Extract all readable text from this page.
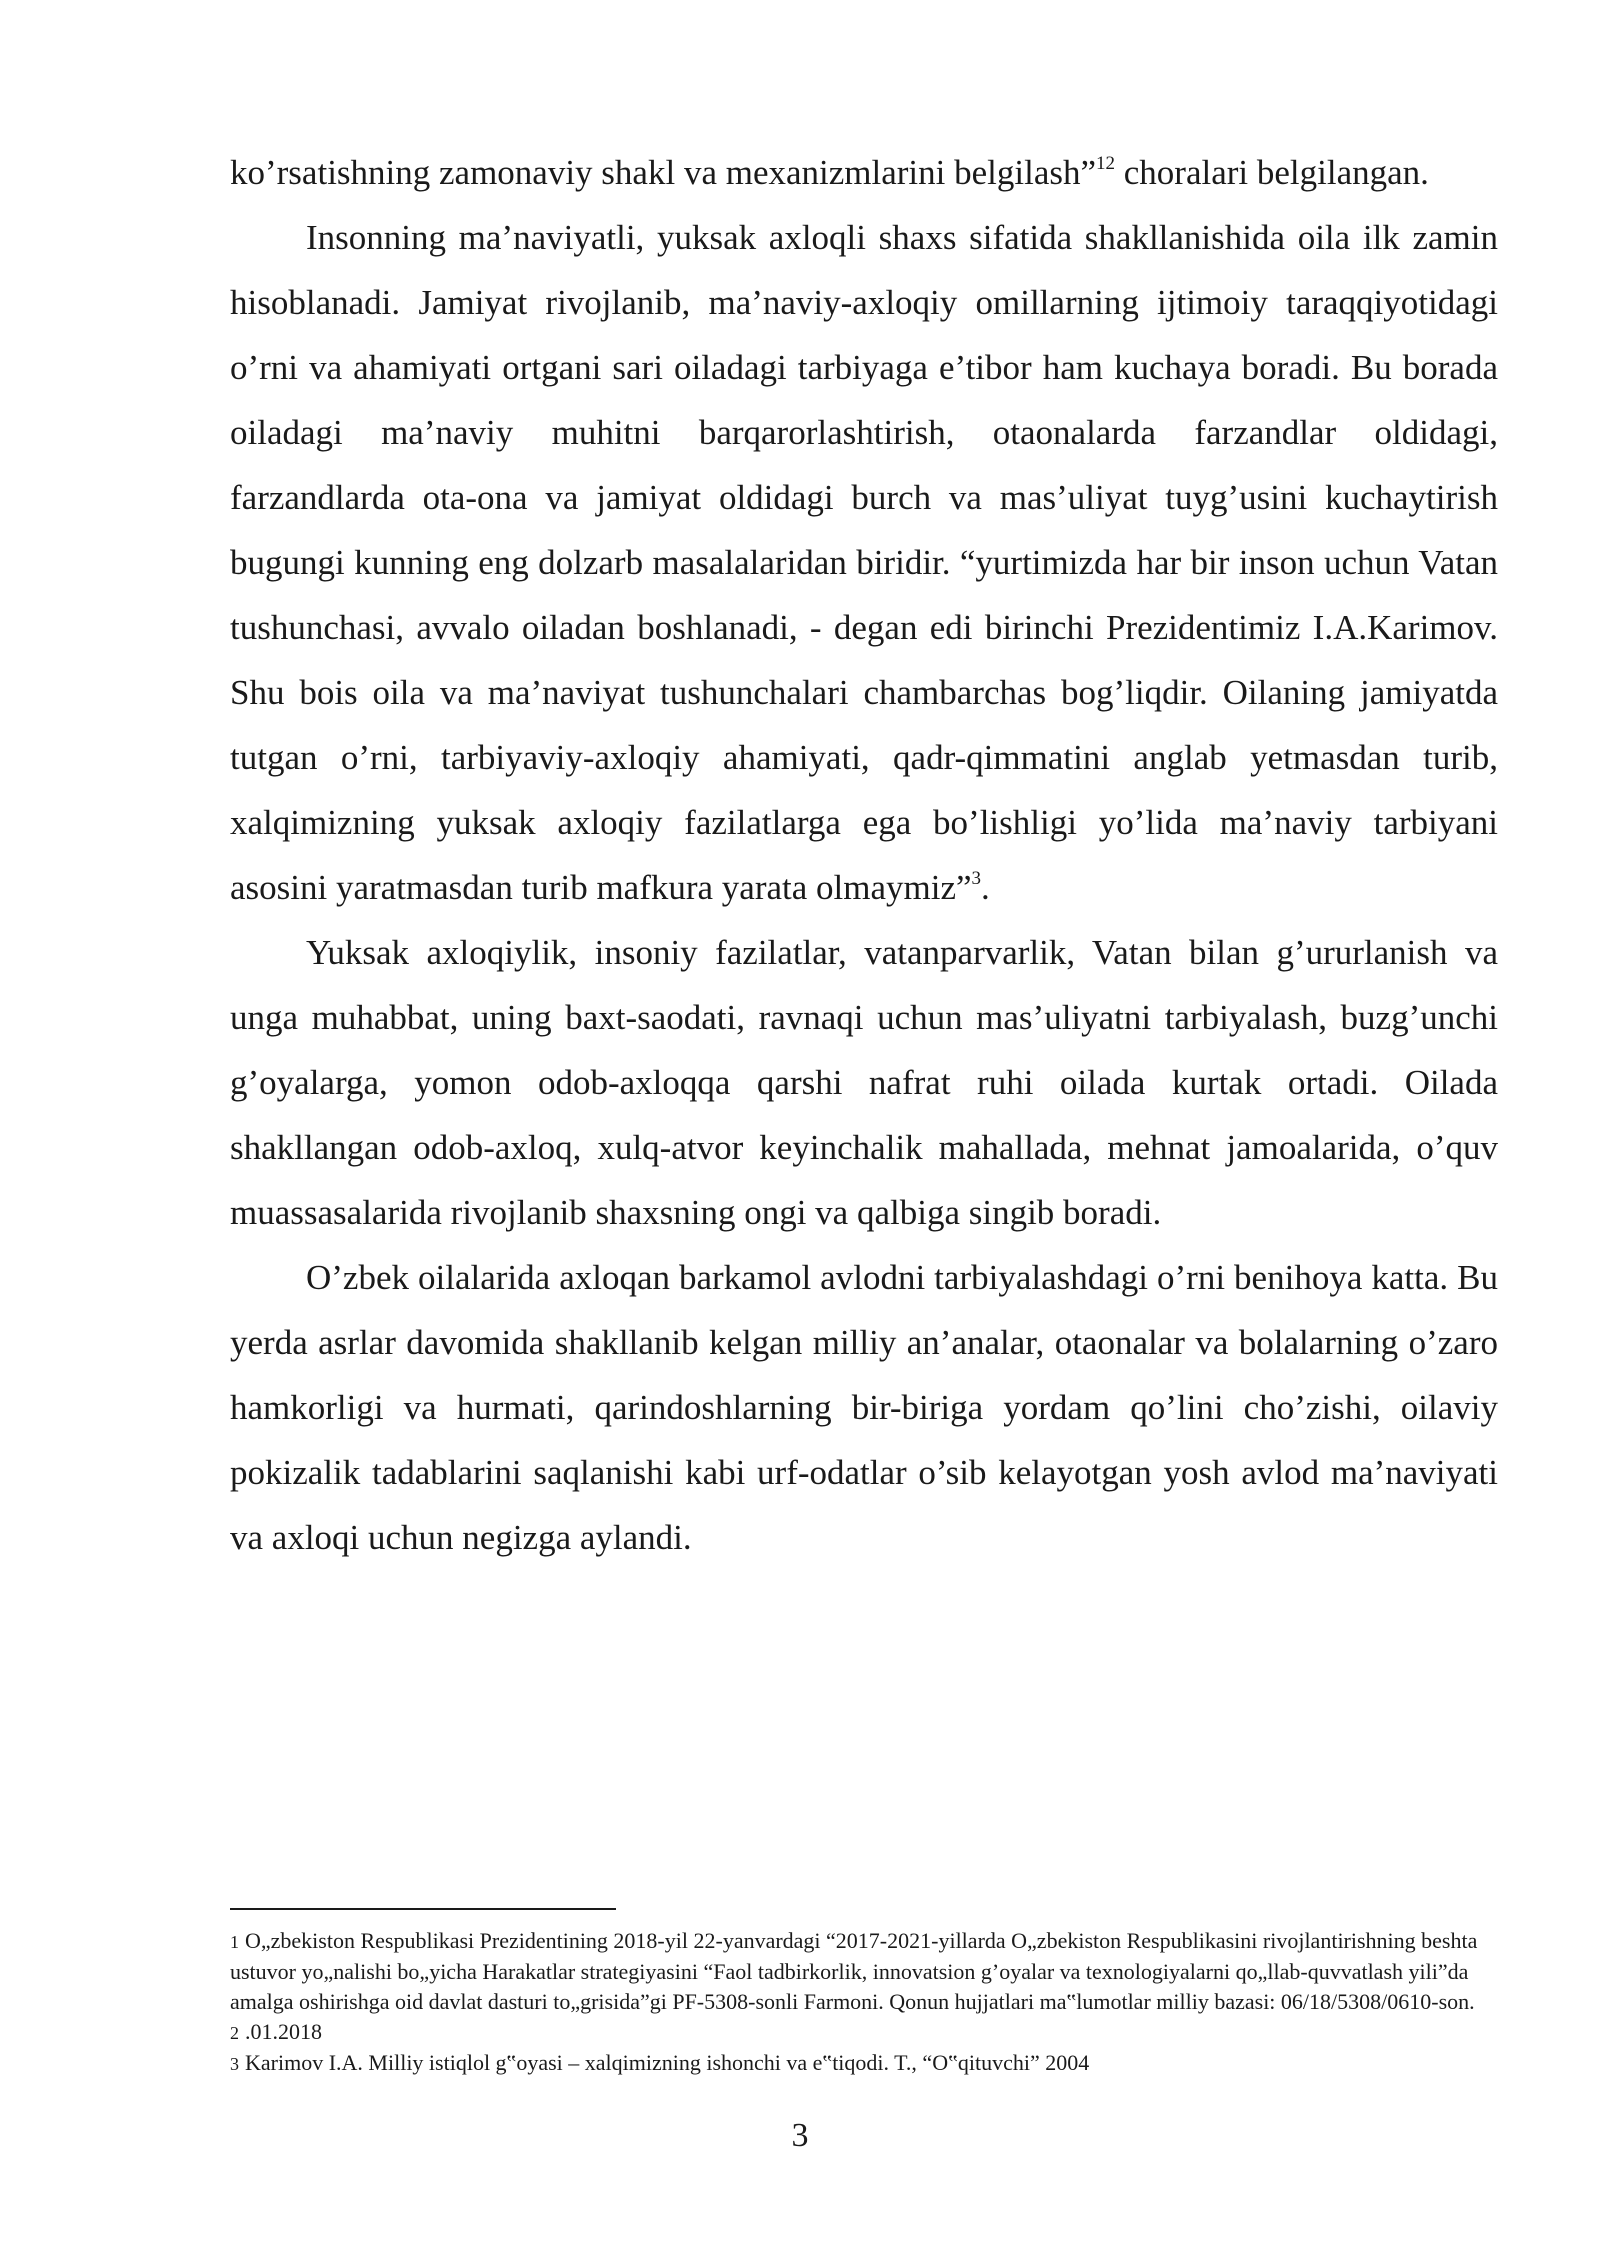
ko’rsatishning zamonaviy shakl va mexanizmlarini belgilash”$^{12}$ choralari belgilangan.

Insonning ma’naviyatli, yuksak axloqli shaxs sifatida shakllanishida oila ilk zamin hisoblanadi. Jamiyat rivojlanib, ma’naviy-axloqiy omillarning ijtimoiy taraqqiyotidagi o’rni va ahamiyati ortgani sari oiladagi tarbiyaga e’tibor ham kuchaya boradi. Bu borada oiladagi ma’naviy muhitni barqarorlashtirish, otaonalarda farzandlar oldidagi, farzandlarda ota-ona va jamiyat oldidagi burch va mas’uliyat tuyg’usini kuchaytirish bugungi kunning eng dolzarb masalalaridan biridir. “yurtimizda har bir inson uchun Vatan tushunchasi, avvalo oiladan boshlanadi, - degan edi birinchi Prezidentimiz I.A.Karimov. Shu bois oila va ma’naviyat tushunchalari chambarchas bog’liqdir. Oilaning jamiyatda tutgan o’rni, tarbiyaviy-axloqiy ahamiyati, qadr-qimmatini anglab yetmasdan turib, xalqimizning yuksak axloqiy fazilatlarga ega bo’lishligi yo’lida ma’naviy tarbiyani asosini yaratmasdan turib mafkura yarata olmaymiz”$^3$.

Yuksak axloqiylik, insoniy fazilatlar, vatanparvarlik, Vatan bilan g’ururlanish va unga muhabbat, uning baxt-saodati, ravnaqi uchun mas’uliyatni tarbiyalash, buzg’unchi g’oyalarga, yomon odob-axloqqa qarshi nafrat ruhi oilada kurtak ortadi. Oilada shakllangan odob-axloq, xulq-atvor keyinchalik mahallada, mehnat jamoalarida, o’quv muassasalarida rivojlanib shaxsning ongi va qalbiga singib boradi.

O’zbek oilalarida axloqan barkamol avlodni tarbiyalashdagi o’rni benihoya katta. Bu yerda asrlar davomida shakllanib kelgan milliy an’analar, otaonalar va bolalarning o’zaro hamkorligi va hurmati, qarindoshlarning bir-biriga yordam qo’lini cho’zishi, oilaviy pokizalik tadablarini saqlanishi kabi urf-odatlar o’sib kelayotgan yosh avlod ma’naviyati va axloqi uchun negizga aylandi.

1 O„zbekiston Respublikasi Prezidentining 2018-yil 22-yanvardagi “2017-2021-yillarda O„zbekiston Respublikasini rivojlantirishning beshta ustuvor yo„nalishi bo„yicha Harakatlar strategiyasini “Faol tadbirkorlik, innovatsion g’oyalar va texnologiyalarni qo„llab-quvvatlash yili”da amalga oshirishga oid davlat dasturi to„grisida”gi PF-5308-sonli Farmoni. Qonun hujjatlari ma‟lumotlar milliy bazasi: 06/18/5308/0610-son.

2 .01.2018

3 Karimov I.A. Milliy istiqlol g‟oyasi – xalqimizning ishonchi va e‟tiqodi. T., “O‟qituvchi” 2004

3
